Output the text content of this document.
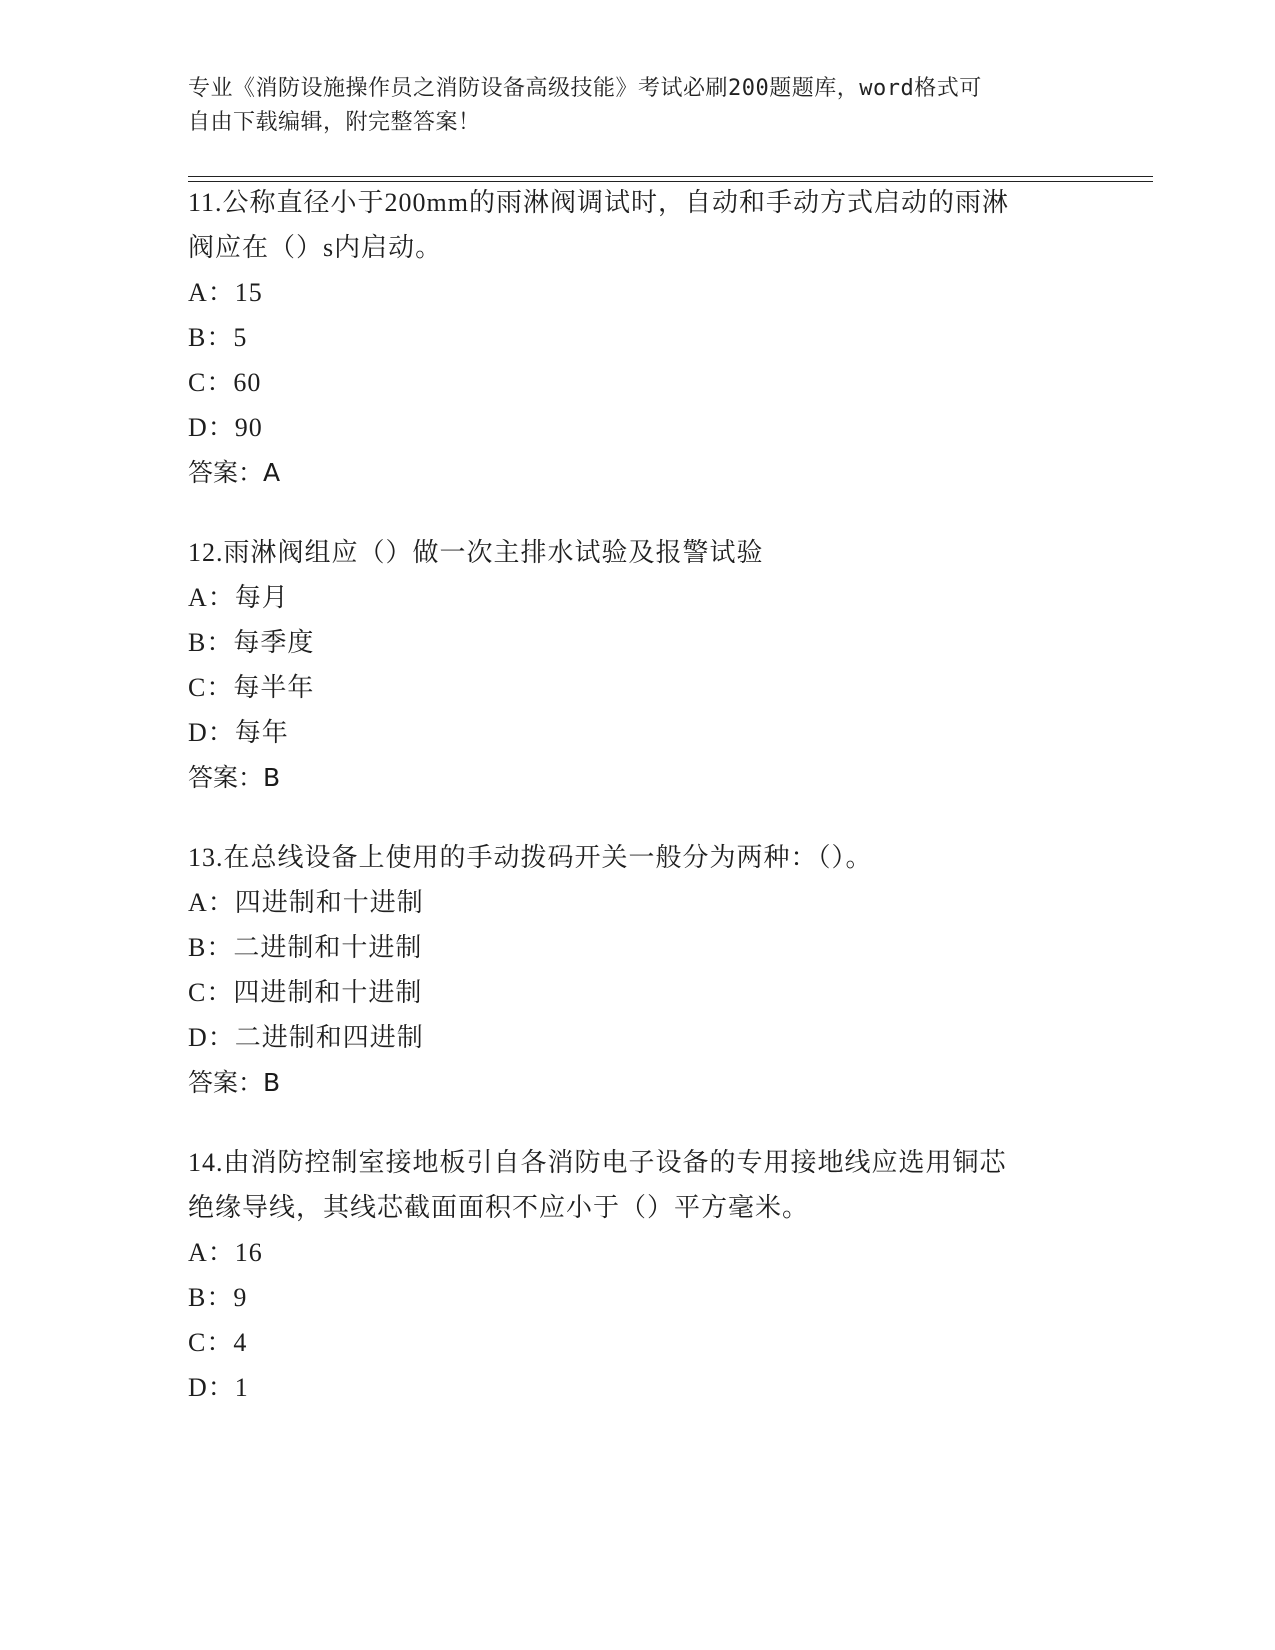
专业《消防设施操作员之消防设备高级技能》考试必刷200题题库，word格式可
自由下载编辑，附完整答案！
11.公称直径小于200mm的雨淋阀调试时，自动和手动方式启动的雨淋
阀应在（）s内启动。
A：15
B：5
C：60
D：90
答案：A
12.雨淋阀组应（）做一次主排水试验及报警试验
A：每月
B：每季度
C：每半年
D：每年
答案：B
13.在总线设备上使用的手动拨码开关一般分为两种：（）。
A：四进制和十进制
B：二进制和十进制
C：四进制和十进制
D：二进制和四进制
答案：B
14.由消防控制室接地板引自各消防电子设备的专用接地线应选用铜芯
绝缘导线，其线芯截面面积不应小于（）平方毫米。
A：16
B：9
C：4
D：1
